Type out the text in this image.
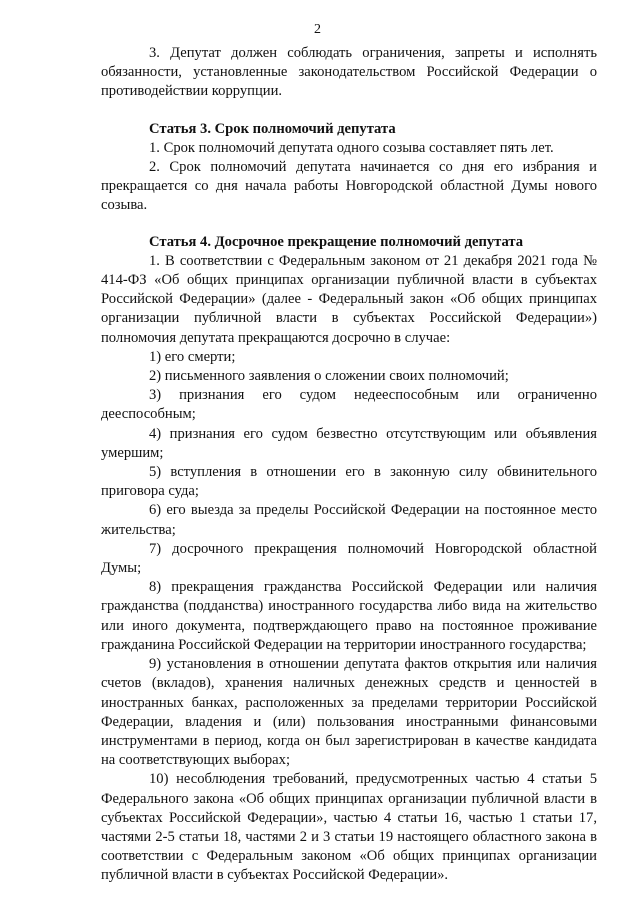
2

3. Депутат должен соблюдать ограничения, запреты и исполнять обязанности, установленные законодательством Российской Федерации о противодействии коррупции.

Статья 3. Срок полномочий депутата

1. Срок полномочий депутата одного созыва составляет пять лет.

2. Срок полномочий депутата начинается со дня его избрания и прекращается со дня начала работы Новгородской областной Думы нового созыва.

Статья 4. Досрочное прекращение полномочий депутата

1. В соответствии с Федеральным законом от 21 декабря 2021 года № 414-ФЗ «Об общих принципах организации публичной власти в субъектах Российской Федерации» (далее - Федеральный закон «Об общих принципах организации публичной власти в субъектах Российской Федерации») полномочия депутата прекращаются досрочно в случае:

1) его смерти;

2) письменного заявления о сложении своих полномочий;

3) признания его судом недееспособным или ограниченно дееспособным;

4) признания его судом безвестно отсутствующим или объявления умершим;

5) вступления в отношении его в законную силу обвинительного приговора суда;

6) его выезда за пределы Российской Федерации на постоянное место жительства;

7) досрочного прекращения полномочий Новгородской областной Думы;

8) прекращения гражданства Российской Федерации или наличия гражданства (подданства) иностранного государства либо вида на жительство или иного документа, подтверждающего право на постоянное проживание гражданина Российской Федерации на территории иностранного государства;

9) установления в отношении депутата фактов открытия или наличия счетов (вкладов), хранения наличных денежных средств и ценностей в иностранных банках, расположенных за пределами территории Российской Федерации, владения и (или) пользования иностранными финансовыми инструментами в период, когда он был зарегистрирован в качестве кандидата на соответствующих выборах;

10) несоблюдения требований, предусмотренных частью 4 статьи 5 Федерального закона «Об общих принципах организации публичной власти в субъектах Российской Федерации», частью 4 статьи 16, частью 1 статьи 17, частями 2-5 статьи 18, частями 2 и 3 статьи 19 настоящего областного закона в соответствии с Федеральным законом «Об общих принципах организации публичной власти в субъектах Российской Федерации».
